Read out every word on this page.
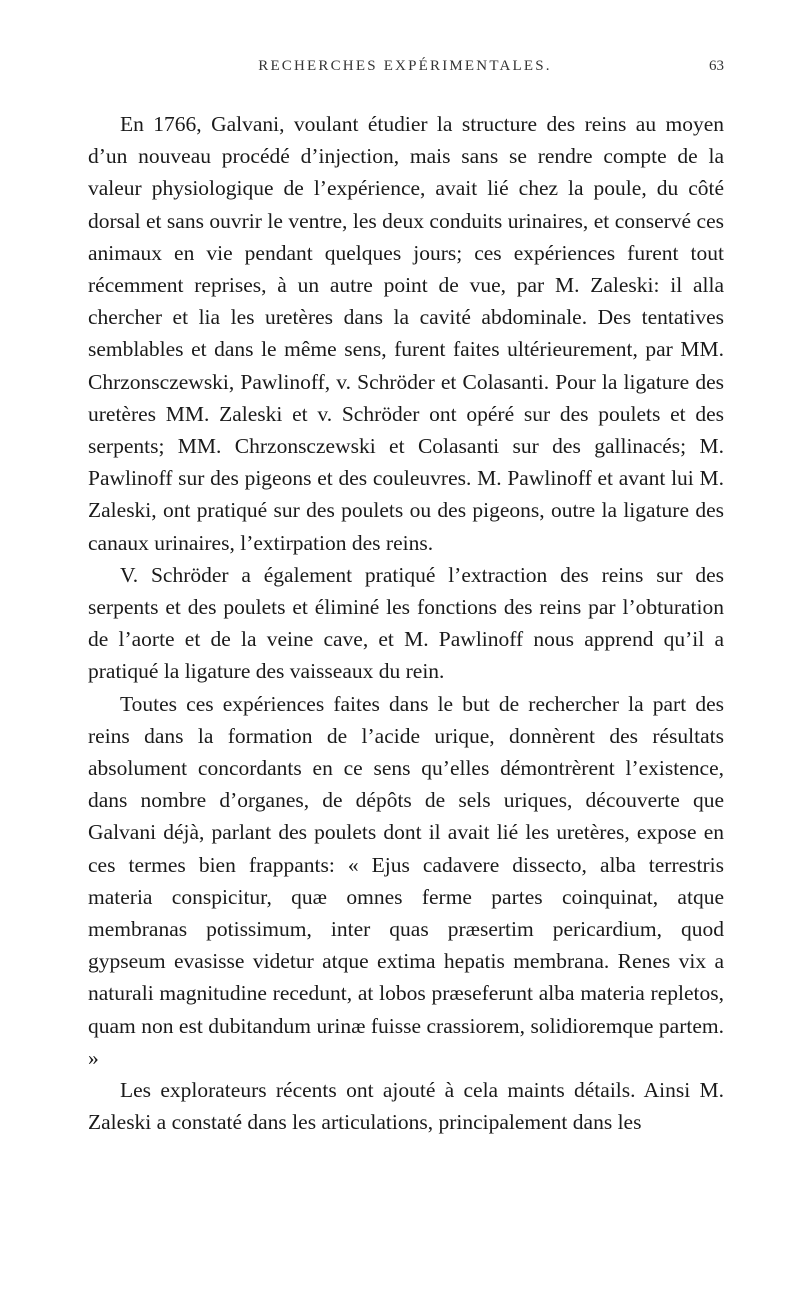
RECHERCHES EXPÉRIMENTALES.	63

En 1766, Galvani, voulant étudier la structure des reins au moyen d’un nouveau procédé d’injection, mais sans se rendre compte de la valeur physiologique de l’expérience, avait lié chez la poule, du côté dorsal et sans ouvrir le ventre, les deux conduits urinaires, et conservé ces animaux en vie pendant quelques jours; ces expériences furent tout récemment reprises, à un autre point de vue, par M. Zaleski: il alla chercher et lia les uretères dans la cavité abdominale. Des tentatives semblables et dans le même sens, furent faites ultérieurement, par MM. Chrzonsczewski, Pawlinoff, v. Schröder et Colasanti. Pour la ligature des uretères MM. Zaleski et v. Schröder ont opéré sur des poulets et des serpents; MM. Chrzonsczewski et Colasanti sur des gallinacés; M. Pawlinoff sur des pigeons et des couleuvres. M. Pawlinoff et avant lui M. Zaleski, ont pratiqué sur des poulets ou des pigeons, outre la ligature des canaux urinaires, l’extirpation des reins.

V. Schröder a également pratiqué l’extraction des reins sur des serpents et des poulets et éliminé les fonctions des reins par l’obturation de l’aorte et de la veine cave, et M. Pawlinoff nous apprend qu’il a pratiqué la ligature des vaisseaux du rein.

Toutes ces expériences faites dans le but de rechercher la part des reins dans la formation de l’acide urique, donnèrent des résultats absolument concordants en ce sens qu’elles démontrèrent l’existence, dans nombre d’organes, de dépôts de sels uriques, découverte que Galvani déjà, parlant des poulets dont il avait lié les uretères, expose en ces termes bien frappants: « Ejus cadavere dissecto, alba terrestris materia conspicitur, quæ omnes ferme partes coinquinat, atque membranas potissimum, inter quas præsertim pericardium, quod gypseum evasisse videtur atque extima hepatis membrana. Renes vix a naturali magnitudine recedunt, at lobos præseferunt alba materia repletos, quam non est dubitandum urinæ fuisse crassiorem, solidioremque partem. »

Les explorateurs récents ont ajouté à cela maints détails. Ainsi M. Zaleski a constaté dans les articulations, principalement dans les
